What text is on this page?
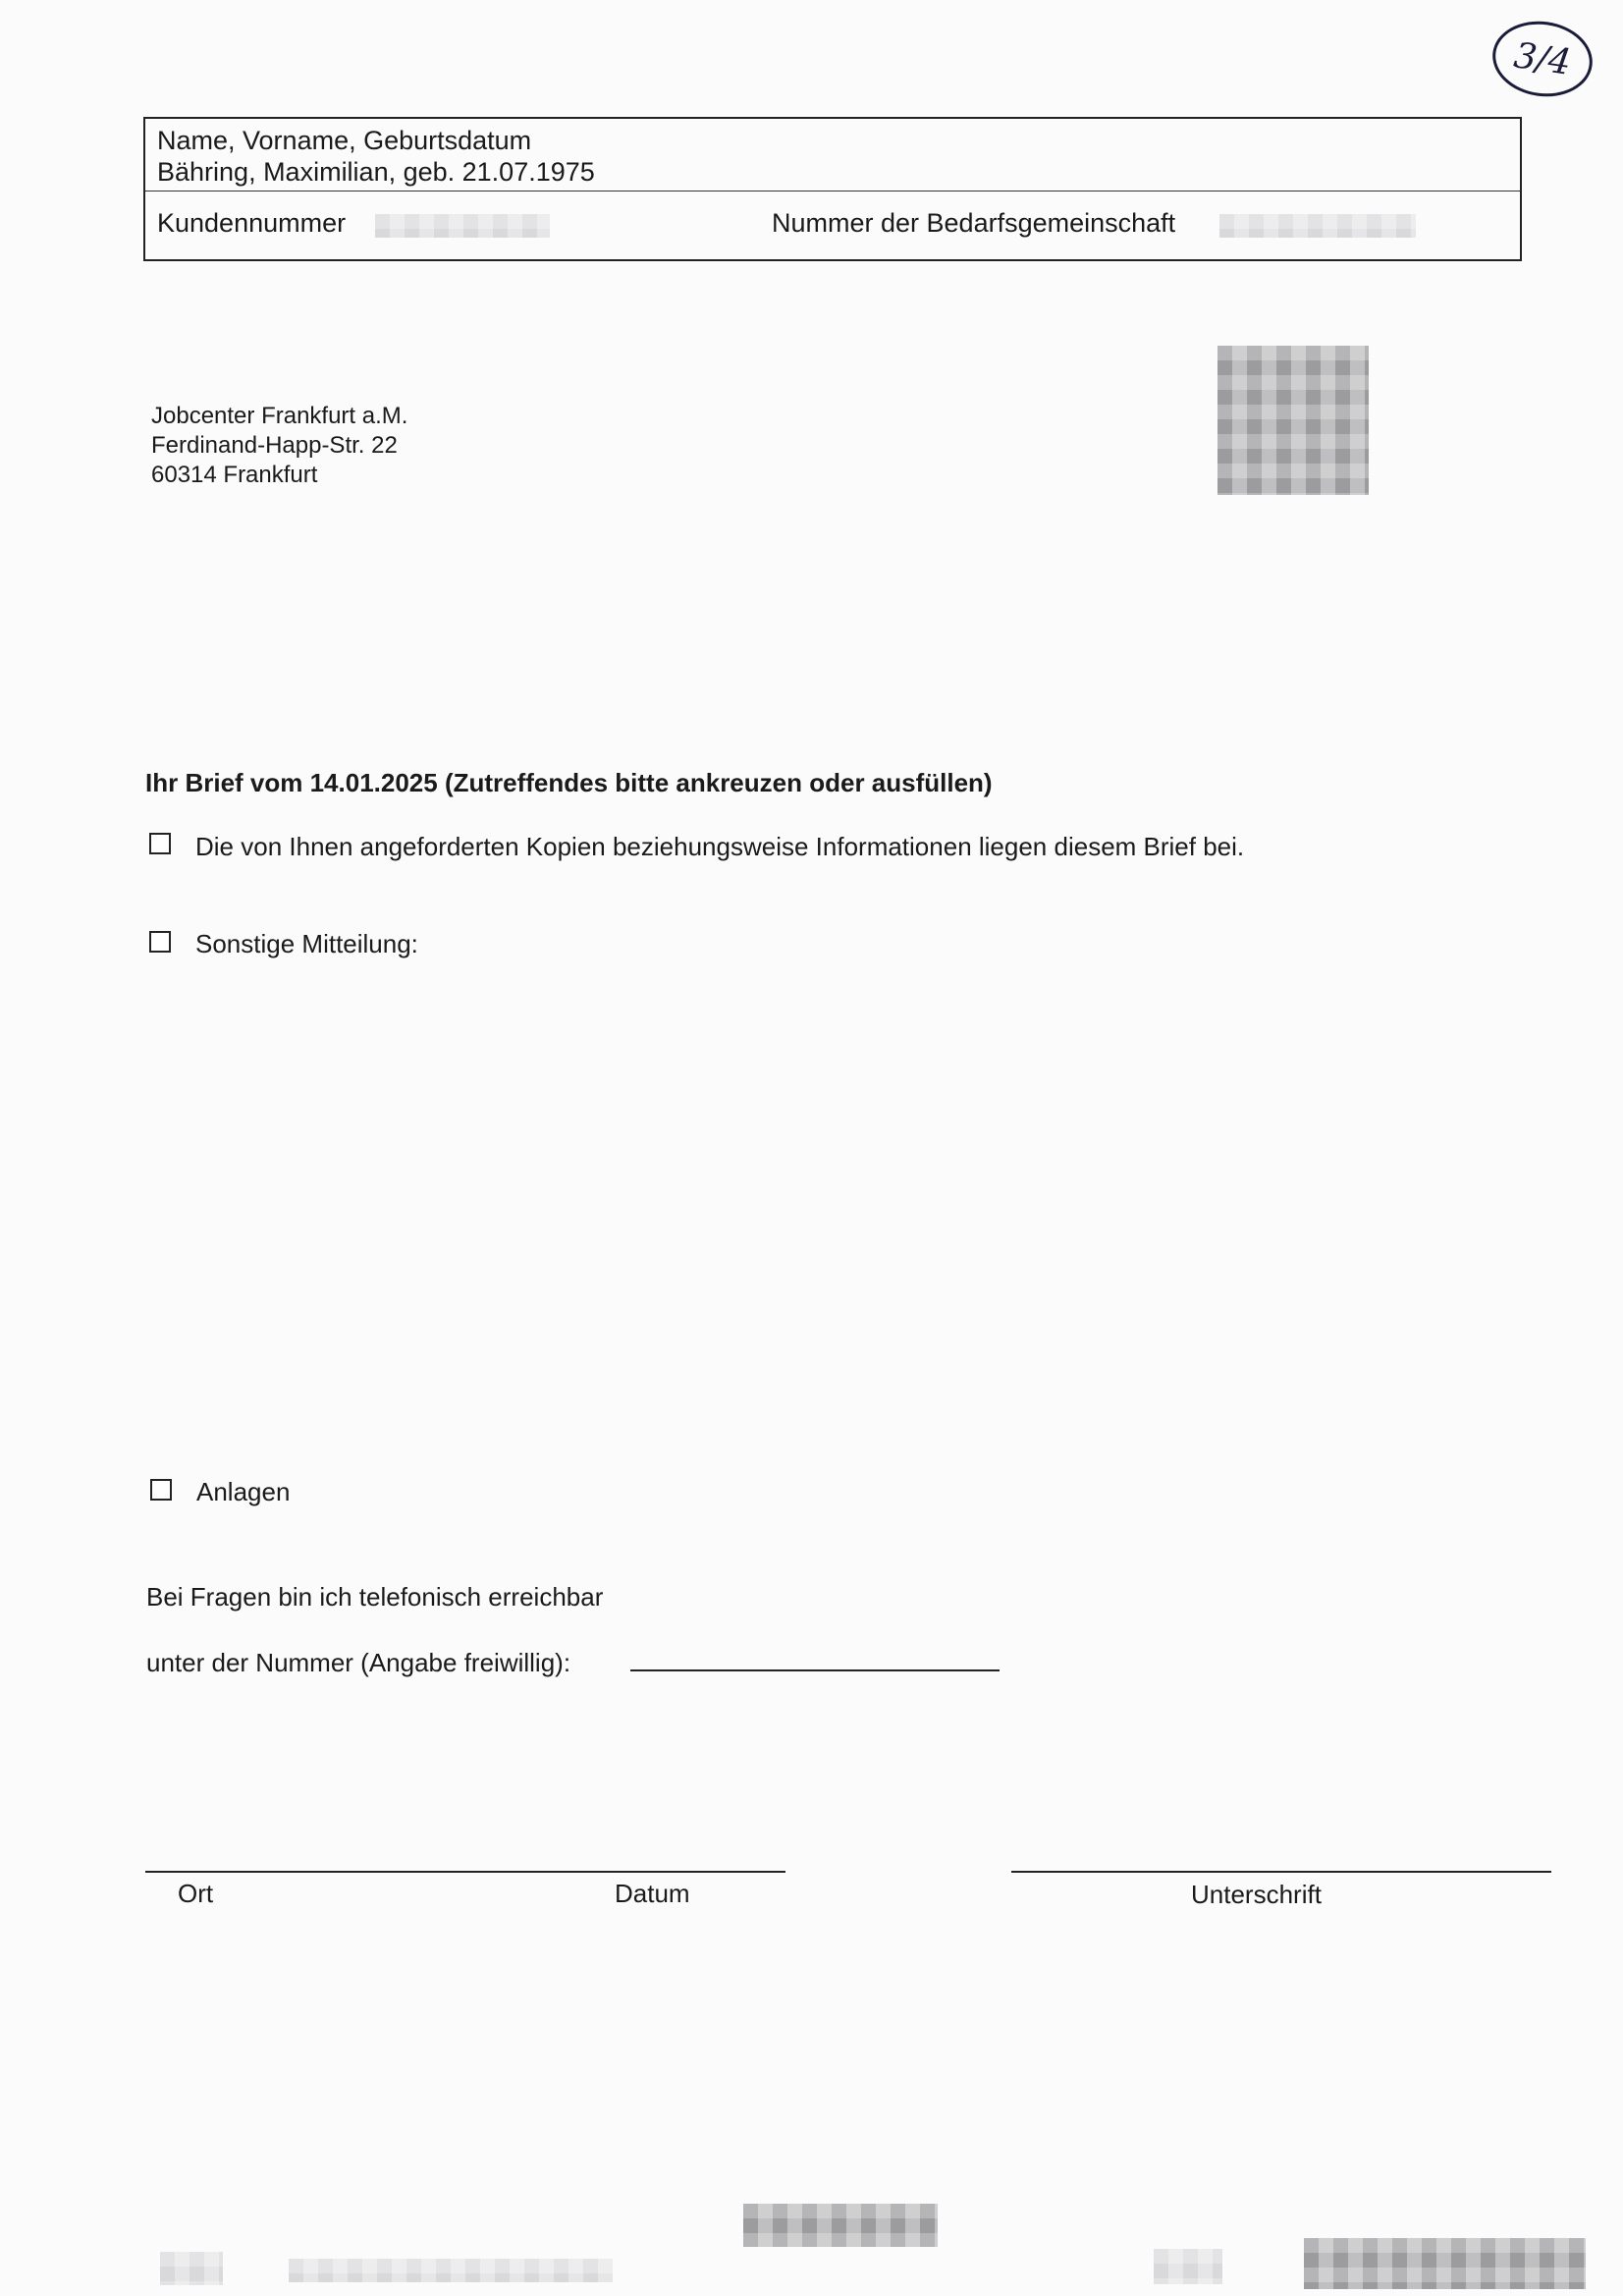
3/4
Name, Vorname, Geburtsdatum
Bähring, Maximilian, geb. 21.07.1975
Kundennummer	Nummer der Bedarfsgemeinschaft
Jobcenter Frankfurt a.M.
Ferdinand-Happ-Str. 22
60314 Frankfurt
Ihr Brief vom 14.01.2025 (Zutreffendes bitte ankreuzen oder ausfüllen)
Die von Ihnen angeforderten Kopien beziehungsweise Informationen liegen diesem Brief bei.
Sonstige Mitteilung:
Anlagen
Bei Fragen bin ich telefonisch erreichbar
unter der Nummer (Angabe freiwillig):
Ort	Datum	Unterschrift
